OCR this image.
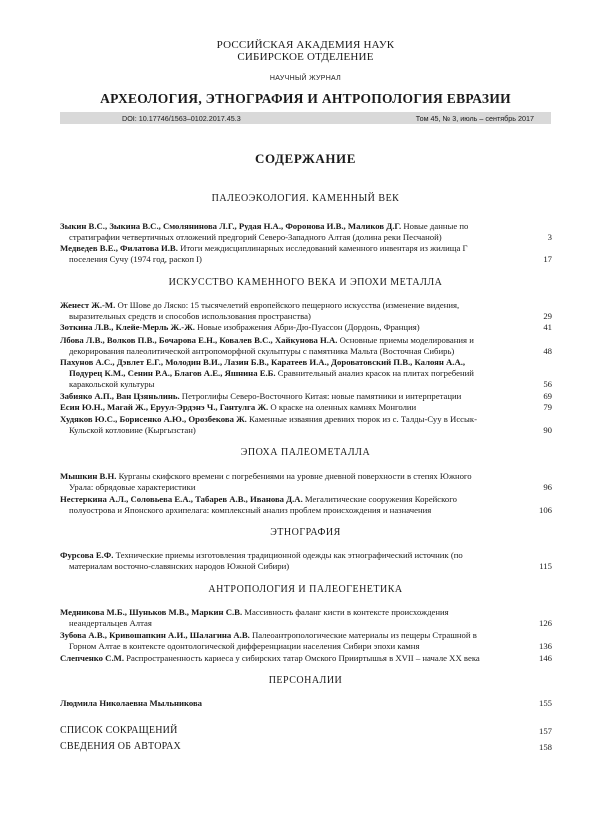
РОССИЙСКАЯ АКАДЕМИЯ НАУК
СИБИРСКОЕ ОТДЕЛЕНИЕ
НАУЧНЫЙ ЖУРНАЛ
АРХЕОЛОГИЯ, ЭТНОГРАФИЯ И АНТРОПОЛОГИЯ ЕВРАЗИИ
DOI: 10.17746/1563–0102.2017.45.3	Том 45, № 3, июль – сентябрь 2017
СОДЕРЖАНИЕ
ПАЛЕОЭКОЛОГИЯ. КАМЕННЫЙ ВЕК
Зыкин В.С., Зыкина В.С., Смолянинова Л.Г., Рудая Н.А., Форонова И.В., Маликов Д.Г. Новые данные по
стратиграфии четвертичных отложений предгорий Северо-Западного Алтая (долина реки Песчаной)	3
Медведев В.Е., Филатова И.В. Итоги междисциплинарных исследований каменного инвентаря из жилища Г
поселения Сучу (1974 год, раскоп I)	17
ИСКУССТВО КАМЕННОГО ВЕКА И ЭПОХИ МЕТАЛЛА
Женест Ж.-М. От Шове до Ляско: 15 тысячелетий европейского пещерного искусства (изменение видения,
выразительных средств и способов использования пространства)	29
Зоткина Л.В., Клейе-Мерль Ж.-Ж. Новые изображения Абри-Дю-Пуассон (Дордонь, Франция)	41
Лбова Л.В., Волков П.В., Бочарова Е.Н., Ковалев В.С., Хайкунова Н.А. Основные приемы моделирования и
декорирования палеолитической антропоморфной скульптуры с памятника Мальта (Восточная Сибирь)	48
Пахунов А.С., Дэвлет Е.Г., Молодин В.И., Лазин Б.В., Каратеев И.А., Дороватовский П.В., Калоян А.А.,
Подурец К.М., Сенин Р.А., Благов А.Е., Яшнина Е.Б. Сравнительный анализ красок на плитах погребений
каракольской культуры	56
Забияко А.П., Ван Цзяньлинь. Петроглифы Северо-Восточного Китая: новые памятники и интерпретации	69
Есин Ю.Н., Магай Ж., Еруул-Эрдэнэ Ч., Гантулга Ж. О краске на оленных камнях Монголии	79
Худяков Ю.С., Борисенко А.Ю., Орозбекова Ж. Каменные изваяния древних тюрок из с. Талды-Суу в Иссык-
Кульской котловине (Кыргызстан)	90
ЭПОХА ПАЛЕОМЕТАЛЛА
Мышкин В.Н. Курганы скифского времени с погребениями на уровне дневной поверхности в степях Южного
Урала: обрядовые характеристики	96
Нестеркина А.Л., Соловьева Е.А., Табарев А.В., Иванова Д.А. Мегалитические сооружения Корейского
полуострова и Японского архипелага: комплексный анализ проблем происхождения и назначения	106
ЭТНОГРАФИЯ
Фурсова Е.Ф. Технические приемы изготовления традиционной одежды как этнографический источник (по
материалам восточно-славянских народов Южной Сибири)	115
АНТРОПОЛОГИЯ И ПАЛЕОГЕНЕТИКА
Медникова М.Б., Шуньков М.В., Маркин С.В. Массивность фаланг кисти в контексте происхождения
неандертальцев Алтая	126
Зубова А.В., Кривошапкин А.И., Шалагина А.В. Палеоантропологические материалы из пещеры Страшной в
Горном Алтае в контексте одонтологической дифференциации населения Сибири эпохи камня	136
Слепченко С.М. Распространенность кариеса у сибирских татар Омского Прииртышья в XVII – начале XX века	146
ПЕРСОНАЛИИ
Людмила Николаевна Мыльникова	155
СПИСОК СОКРАЩЕНИЙ	157
СВЕДЕНИЯ ОБ АВТОРАХ	158
